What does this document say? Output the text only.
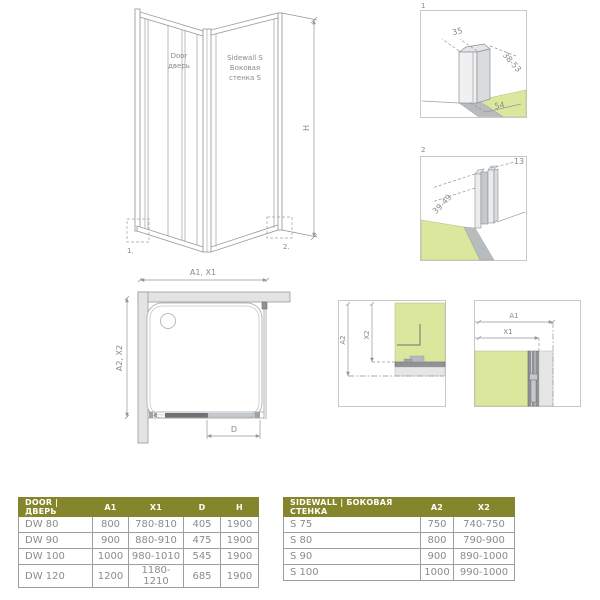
H
Door
дверь
Sidewall S
Боковая
стенка S
1.	2.
1
35
38-53
54
2
39-49
13
A1, X1
A2, X2
D
A2
X2
A1
X1
DOOR | ДВЕРЬ	A1	X1	D	H
DW 80	800	780-810	405	1900
DW 90	900	880-910	475	1900
DW 100	1000	980-1010	545	1900
DW 120	1200	1180-1210	685	1900
SIDEWALL | БОКОВАЯ СТЕНКА	A2	X2
S 75	750	740-750
S 80	800	790-900
S 90	900	890-1000
S 100	1000	990-1000
